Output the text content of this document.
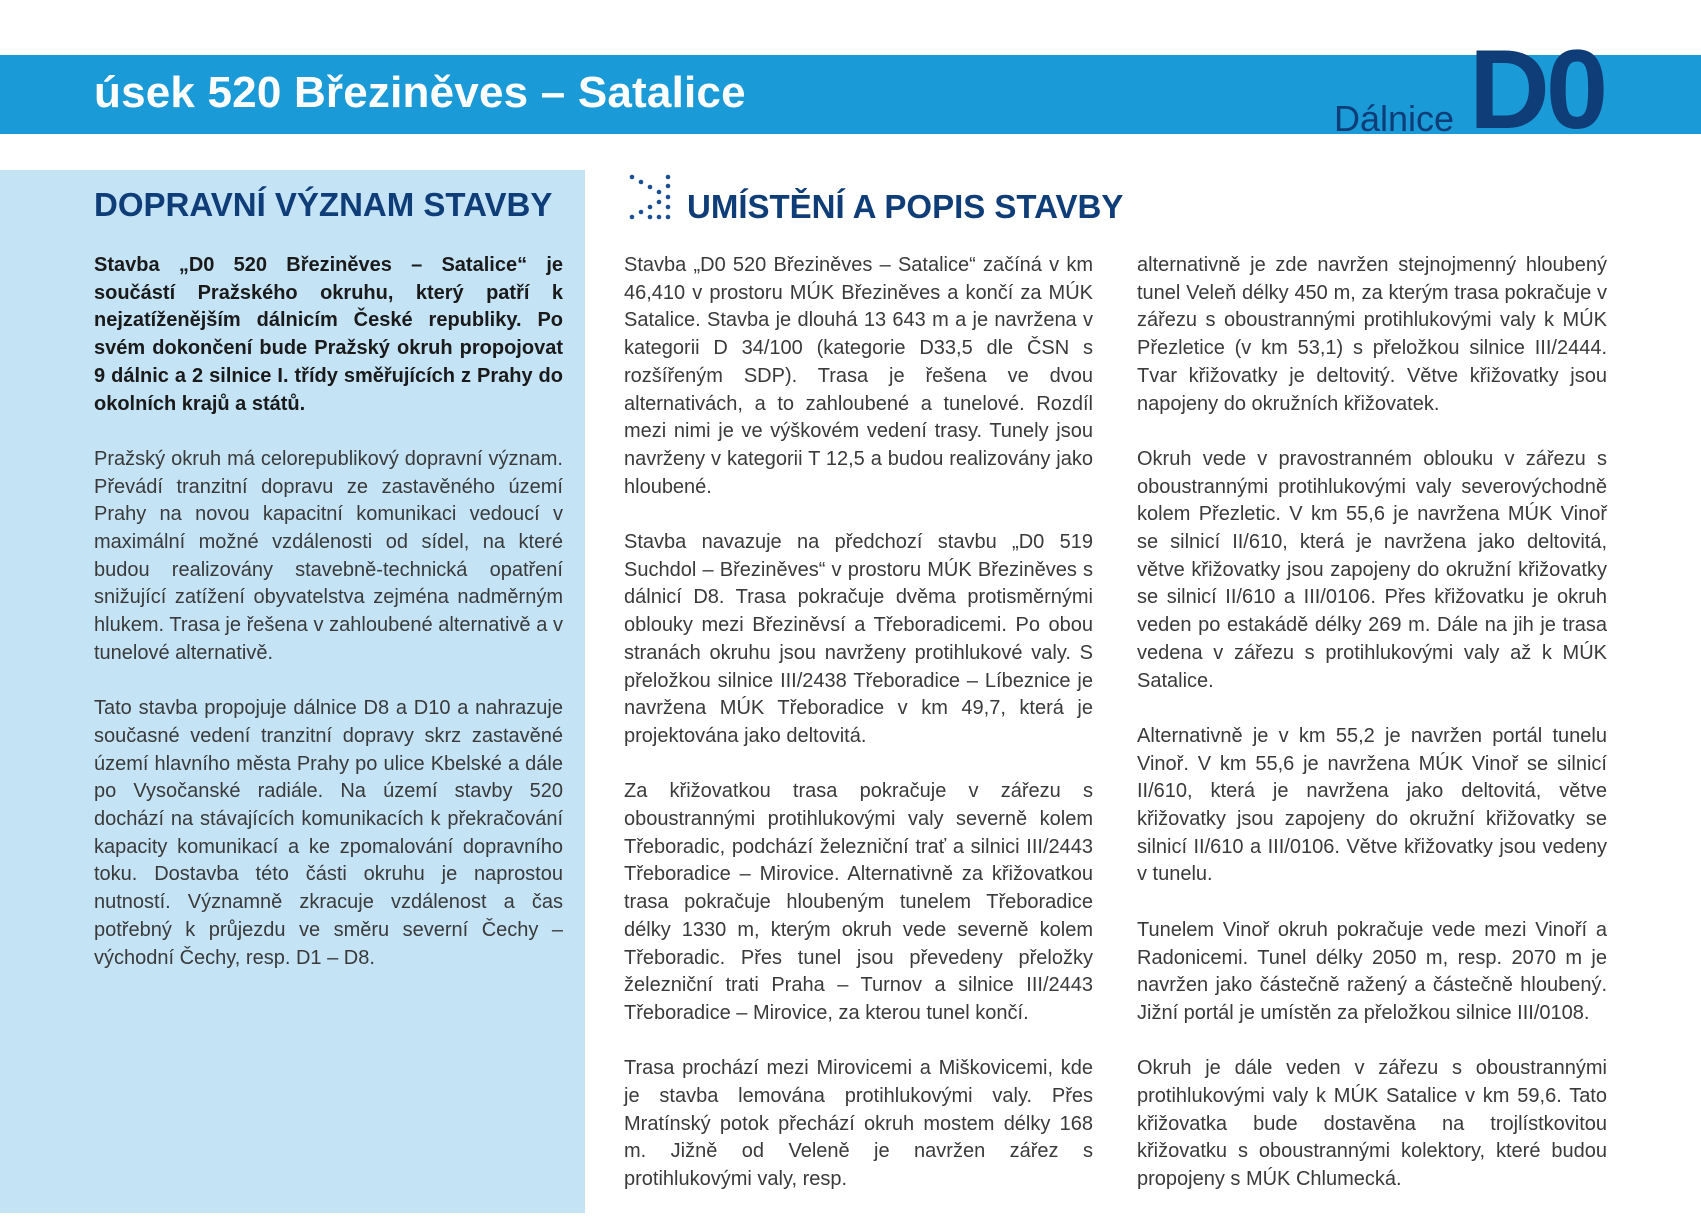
úsek 520 Březiněves – Satalice
Dálnice D0
DOPRAVNÍ VÝZNAM STAVBY	UMÍSTĚNÍ A POPIS STAVBY

Stavba „D0 520 Březiněves – Satalice“ je součástí Pražského okruhu, který patří k nejzatíženějším dálnicím České republiky. Po svém dokončení bude Pražský okruh propojovat 9 dálnic a 2 silnice I. třídy směřujících z Prahy do okolních krajů a států.

Pražský okruh má celorepublikový dopravní význam. Převádí tranzitní dopravu ze zastavěného území Prahy na novou kapacitní komunikaci vedoucí v maximální možné vzdálenosti od sídel, na které budou realizovány stavebně-technická opatření snižující zatížení obyvatelstva zejména nadměrným hlukem. Trasa je řešena v zahloubené alternativě a v tunelové alternativě.

Tato stavba propojuje dálnice D8 a D10 a nahrazuje současné vedení tranzitní dopravy skrz zastavěné území hlavního města Prahy po ulice Kbelské a dále po Vysočanské radiále. Na území stavby 520 dochází na stávajících komunikacích k překračování kapacity komunikací a ke zpomalování dopravního toku. Dostavba této části okruhu je naprostou nutností. Významně zkracuje vzdálenost a čas potřebný k průjezdu ve směru severní Čechy – východní Čechy, resp. D1 – D8.

Stavba „D0 520 Březiněves – Satalice“ začíná v km 46,410 v prostoru MÚK Březiněves a končí za MÚK Satalice. Stavba je dlouhá 13 643 m a je navržena v kategorii D 34/100 (kategorie D33,5 dle ČSN s rozšířeným SDP). Trasa je řešena ve dvou alternativách, a to zahloubené a tunelové. Rozdíl mezi nimi je ve výškovém vedení trasy. Tunely jsou navrženy v kategorii T 12,5 a budou realizovány jako hloubené.

Stavba navazuje na předchozí stavbu „D0 519 Suchdol – Březiněves“ v prostoru MÚK Březiněves s dálnicí D8. Trasa pokračuje dvěma protisměrnými oblouky mezi Březiněvsí a Třeboradicemi. Po obou stranách okruhu jsou navrženy protihlukové valy. S přeložkou silnice III/2438 Třeboradice – Líbeznice je navržena MÚK Třeboradice v km 49,7, která je projektována jako deltovitá.

Za křižovatkou trasa pokračuje v zářezu s oboustrannými protihlukovými valy severně kolem Třeboradic, podchází železniční trať a silnici III/2443 Třeboradice – Mirovice. Alternativně za křižovatkou trasa pokračuje hloubeným tunelem Třeboradice délky 1330 m, kterým okruh vede severně kolem Třeboradic. Přes tunel jsou převedeny přeložky železniční trati Praha – Turnov a silnice III/2443 Třeboradice – Mirovice, za kterou tunel končí.

Trasa prochází mezi Mirovicemi a Miškovicemi, kde je stavba lemována protihlukovými valy. Přes Mratínský potok přechází okruh mostem délky 168 m. Jižně od Veleně je navržen zářez s protihlukovými valy, resp.

alternativně je zde navržen stejnojmenný hloubený tunel Veleň délky 450 m, za kterým trasa pokračuje v zářezu s oboustrannými protihlukovými valy k MÚK Přezletice (v km 53,1) s přeložkou silnice III/2444. Tvar křižovatky je deltovitý. Větve křižovatky jsou napojeny do okružních křižovatek.

Okruh vede v pravostranném oblouku v zářezu s oboustrannými protihlukovými valy severovýchodně kolem Přezletic. V km 55,6 je navržena MÚK Vinoř se silnicí II/610, která je navržena jako deltovitá, větve křižovatky jsou zapojeny do okružní křižovatky se silnicí II/610 a III/0106. Přes křižovatku je okruh veden po estakádě délky 269 m. Dále na jih je trasa vedena v zářezu s protihlukovými valy až k MÚK Satalice.

Alternativně je v km 55,2 je navržen portál tunelu Vinoř. V km 55,6 je navržena MÚK Vinoř se silnicí II/610, která je navržena jako deltovitá, větve křižovatky jsou zapojeny do okružní křižovatky se silnicí II/610 a III/0106. Větve křižovatky jsou vedeny v tunelu.

Tunelem Vinoř okruh pokračuje vede mezi Vinoří a Radonicemi. Tunel délky 2050 m, resp. 2070 m je navržen jako částečně ražený a částečně hloubený. Jižní portál je umístěn za přeložkou silnice III/0108.

Okruh je dále veden v zářezu s oboustrannými protihlukovými valy k MÚK Satalice v km 59,6. Tato křižovatka bude dostavěna na trojlístkovitou křižovatku s oboustrannými kolektory, které budou propojeny s MÚK Chlumecká.
